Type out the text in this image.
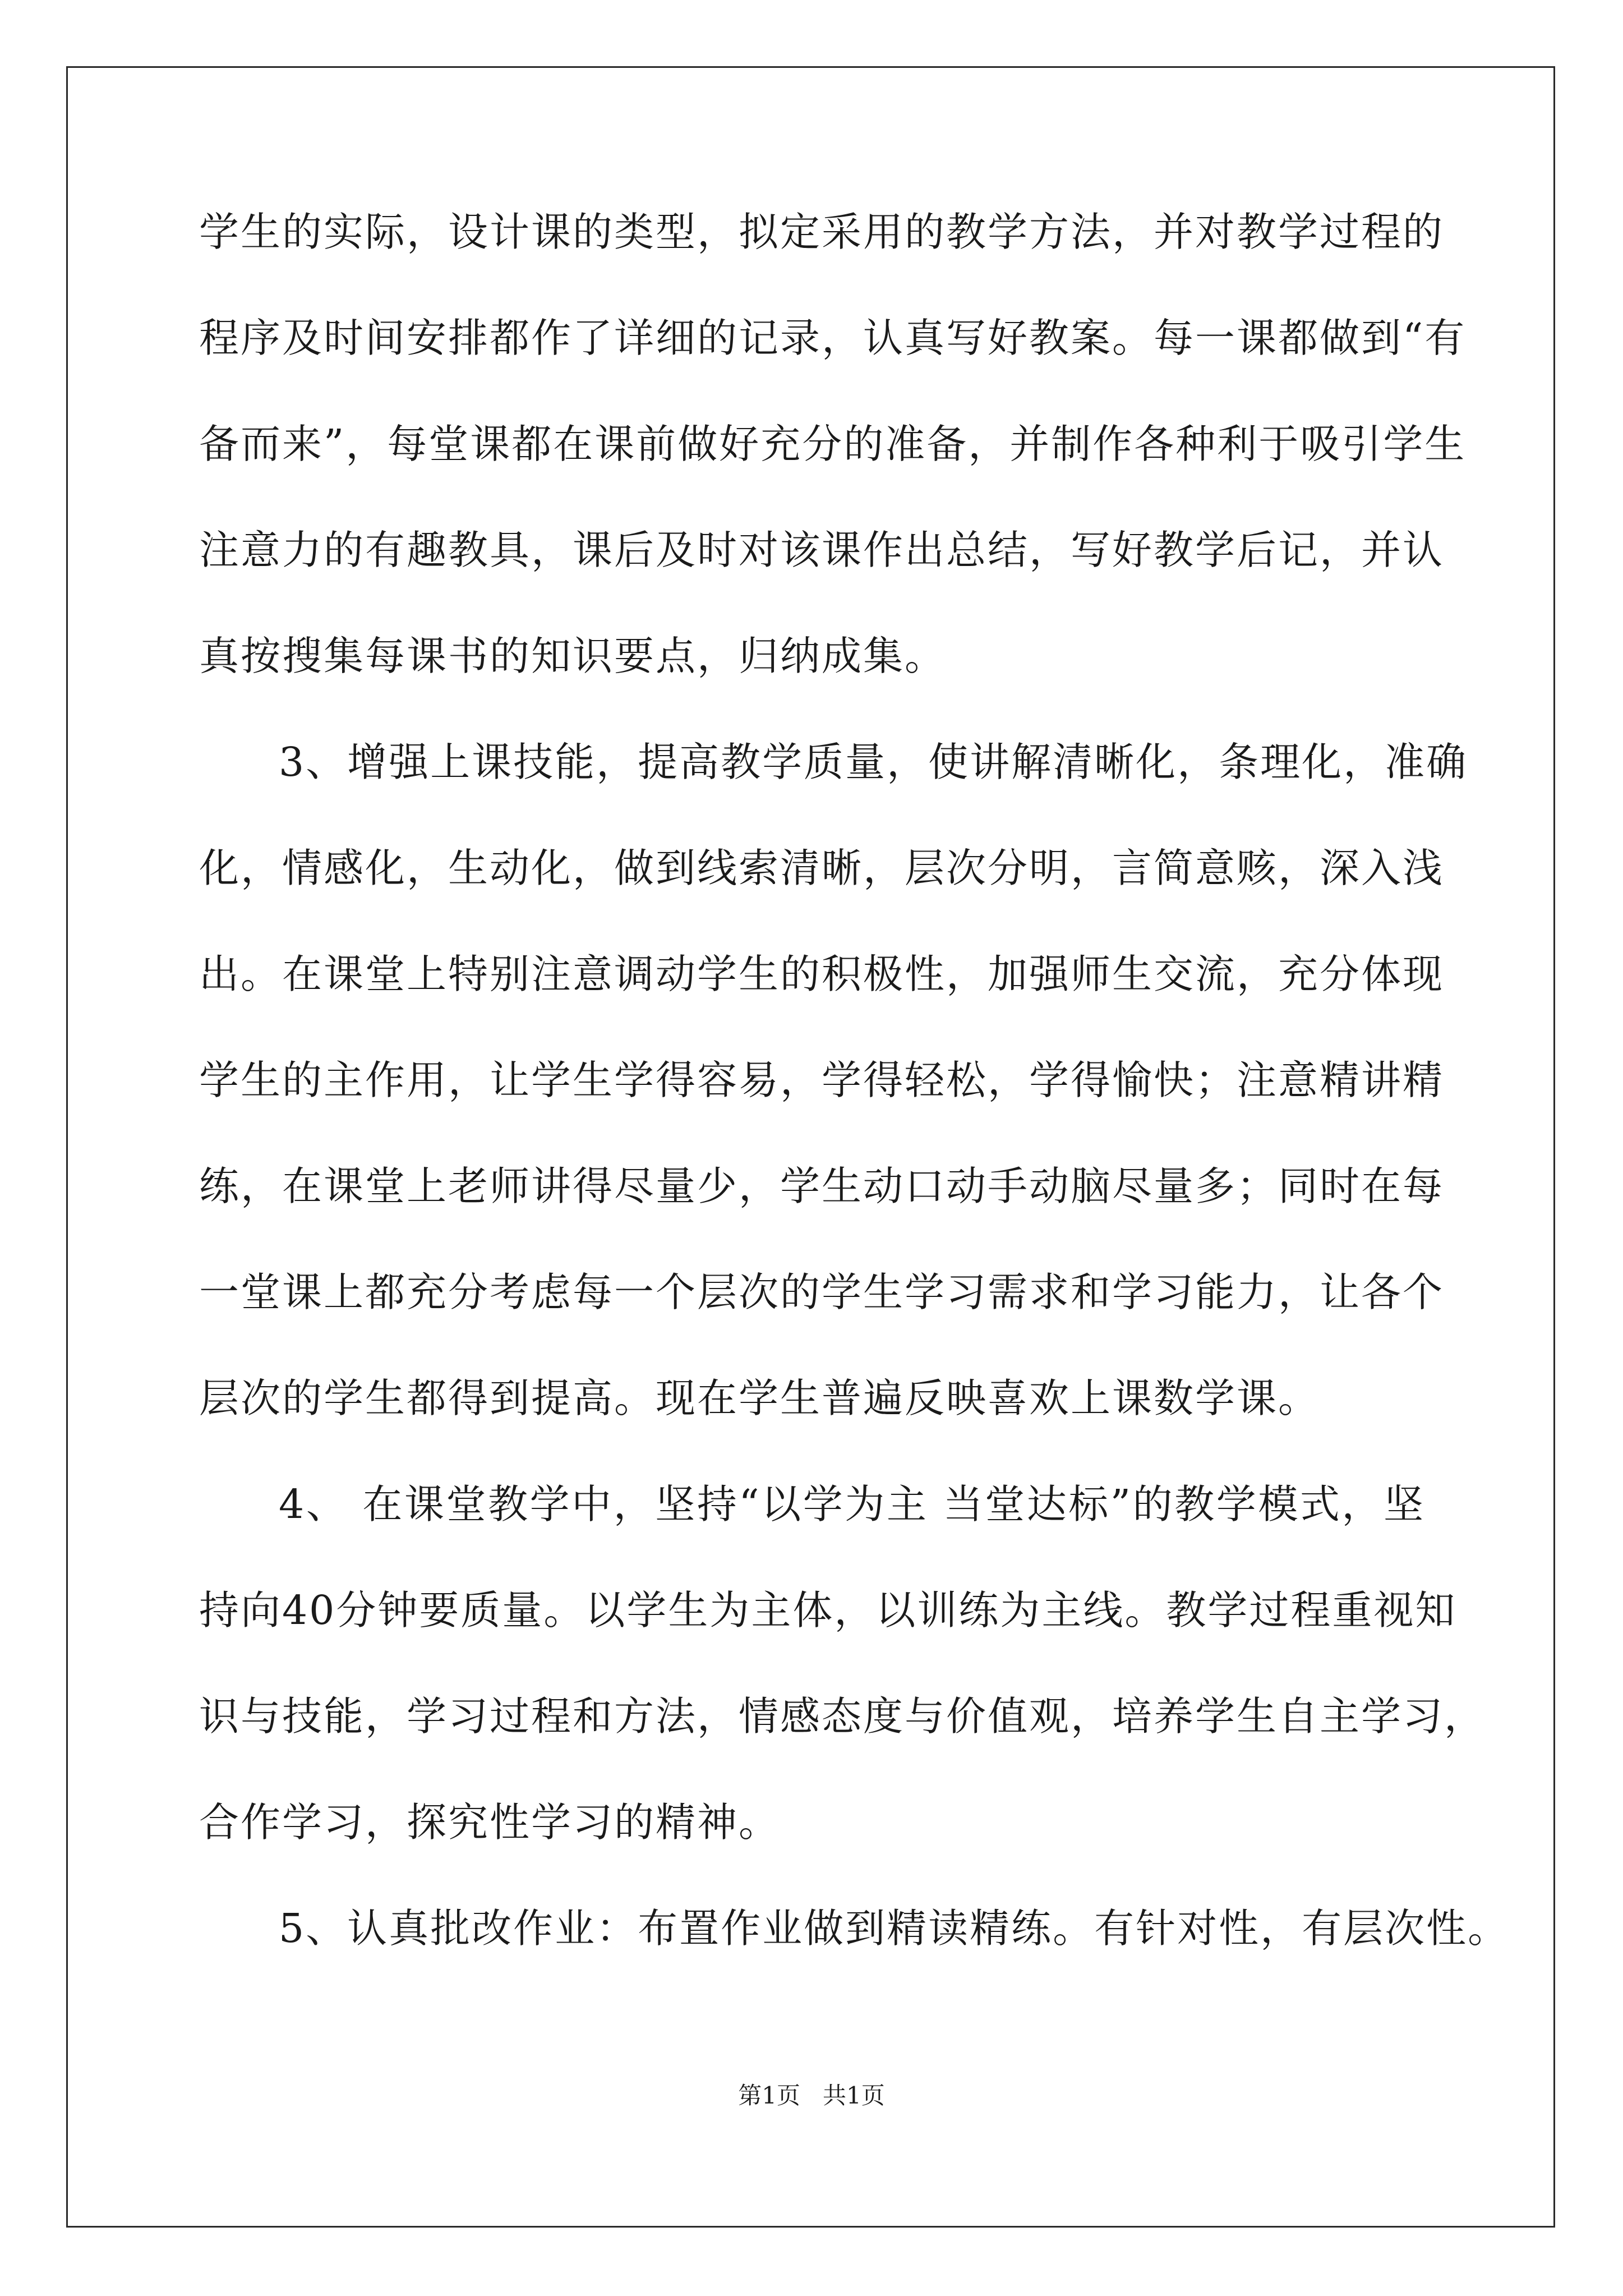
学生的实际，设计课的类型，拟定采用的教学方法，并对教学过程的
程序及时间安排都作了详细的记录，认真写好教案。每一课都做到“有
备而来”，每堂课都在课前做好充分的准备，并制作各种利于吸引学生
注意力的有趣教具，课后及时对该课作出总结，写好教学后记，并认
真按搜集每课书的知识要点，归纳成集。
3、增强上课技能，提高教学质量，使讲解清晰化，条理化，准确
化，情感化，生动化，做到线索清晰，层次分明，言简意赅，深入浅
出。在课堂上特别注意调动学生的积极性，加强师生交流，充分体现
学生的主作用，让学生学得容易，学得轻松，学得愉快；注意精讲精
练，在课堂上老师讲得尽量少，学生动口动手动脑尽量多；同时在每
一堂课上都充分考虑每一个层次的学生学习需求和学习能力，让各个
层次的学生都得到提高。现在学生普遍反映喜欢上课数学课。
4、 在课堂教学中，坚持“以学为主 当堂达标”的教学模式，坚
持向40分钟要质量。以学生为主体，以训练为主线。教学过程重视知
识与技能，学习过程和方法，情感态度与价值观，培养学生自主学习，
合作学习，探究性学习的精神。
5、认真批改作业：布置作业做到精读精练。有针对性，有层次性。
第1页   共1页
